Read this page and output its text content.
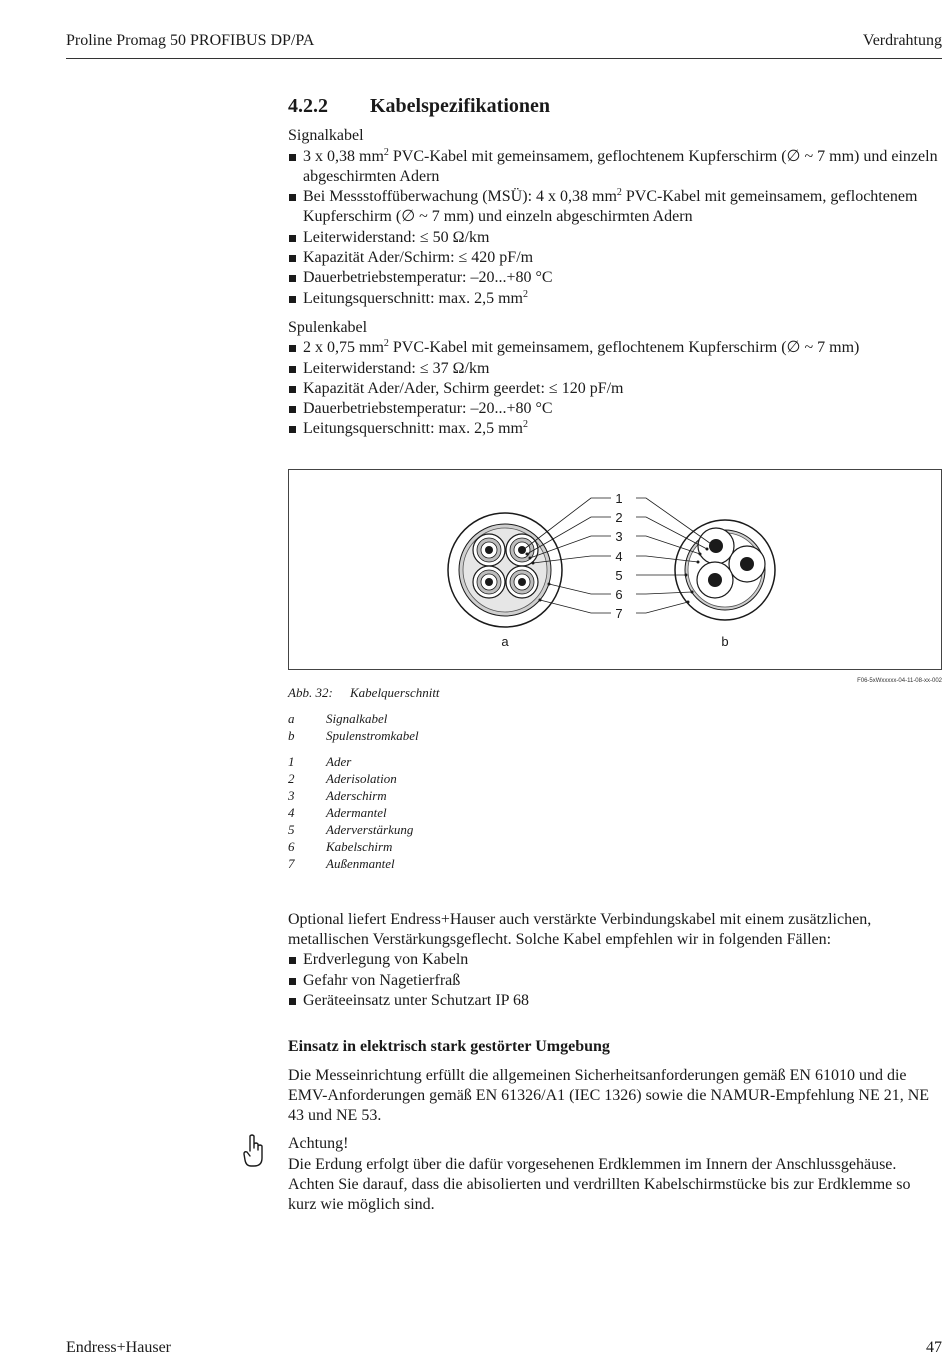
Proline Promag 50 PROFIBUS DP/PA	Verdrahtung
4.2.2 Kabelspezifikationen

Signalkabel

3 x 0,38 $mm^2$ PVC-Kabel mit gemeinsamem, geflochtenem Kupferschirm (∅ ~ 7 mm) und einzeln abgeschirmten Adern
Bei Messstoffüberwachung (MSÜ): 4 x 0,38 $mm^2$ PVC-Kabel mit gemeinsamem, geflochtenem Kupferschirm (∅ ~ 7 mm) und einzeln abgeschirmten Adern
Leiterwiderstand: ≤ 50 Ω/km
Kapazität Ader/Schirm: ≤ 420 pF/m
Dauerbetriebstemperatur: –20...+80 °C
Leitungsquerschnitt: max. 2,5 $mm^2$

Spulenkabel

2 x 0,75 $mm^2$ PVC-Kabel mit gemeinsamem, geflochtenem Kupferschirm (∅ ~ 7 mm)
Leiterwiderstand: ≤ 37 Ω/km
Kapazität Ader/Ader, Schirm geerdet: ≤ 120 pF/m
Dauerbetriebstemperatur: –20...+80 °C
Leitungsquerschnitt: max. 2,5 $mm^2$
1
2
3
4
5
6
7
a	b
F06-5xWxxxxx-04-11-08-xx-002
Abb. 32:	Kabelquerschnitt
a	Signalkabel
b	Spulenstromkabel
1	Ader
2	Aderisolation
3	Aderschirm
4	Adermantel
5	Aderverstärkung
6	Kabelschirm
7	Außenmantel

Optional liefert Endress+Hauser auch verstärkte Verbindungskabel mit einem zusätzlichen, metallischen Verstärkungsgeflecht. Solche Kabel empfehlen wir in folgenden Fällen:

Erdverlegung von Kabeln
Gefahr von Nagetierfraß
Geräteeinsatz unter Schutzart IP 68
Einsatz in elektrisch stark gestörter Umgebung

Die Messeinrichtung erfüllt die allgemeinen Sicherheitsanforderungen gemäß EN 61010 und die EMV-Anforderungen gemäß EN 61326/A1 (IEC 1326) sowie die NAMUR-Empfehlung NE 21, NE 43 und NE 53.

Achtung!

Die Erdung erfolgt über die dafür vorgesehenen Erdklemmen im Innern der Anschlussgehäuse. Achten Sie darauf, dass die abisolierten und verdrillten Kabelschirmstücke bis zur Erdklemme so kurz wie möglich sind.

Endress+Hauser	47
